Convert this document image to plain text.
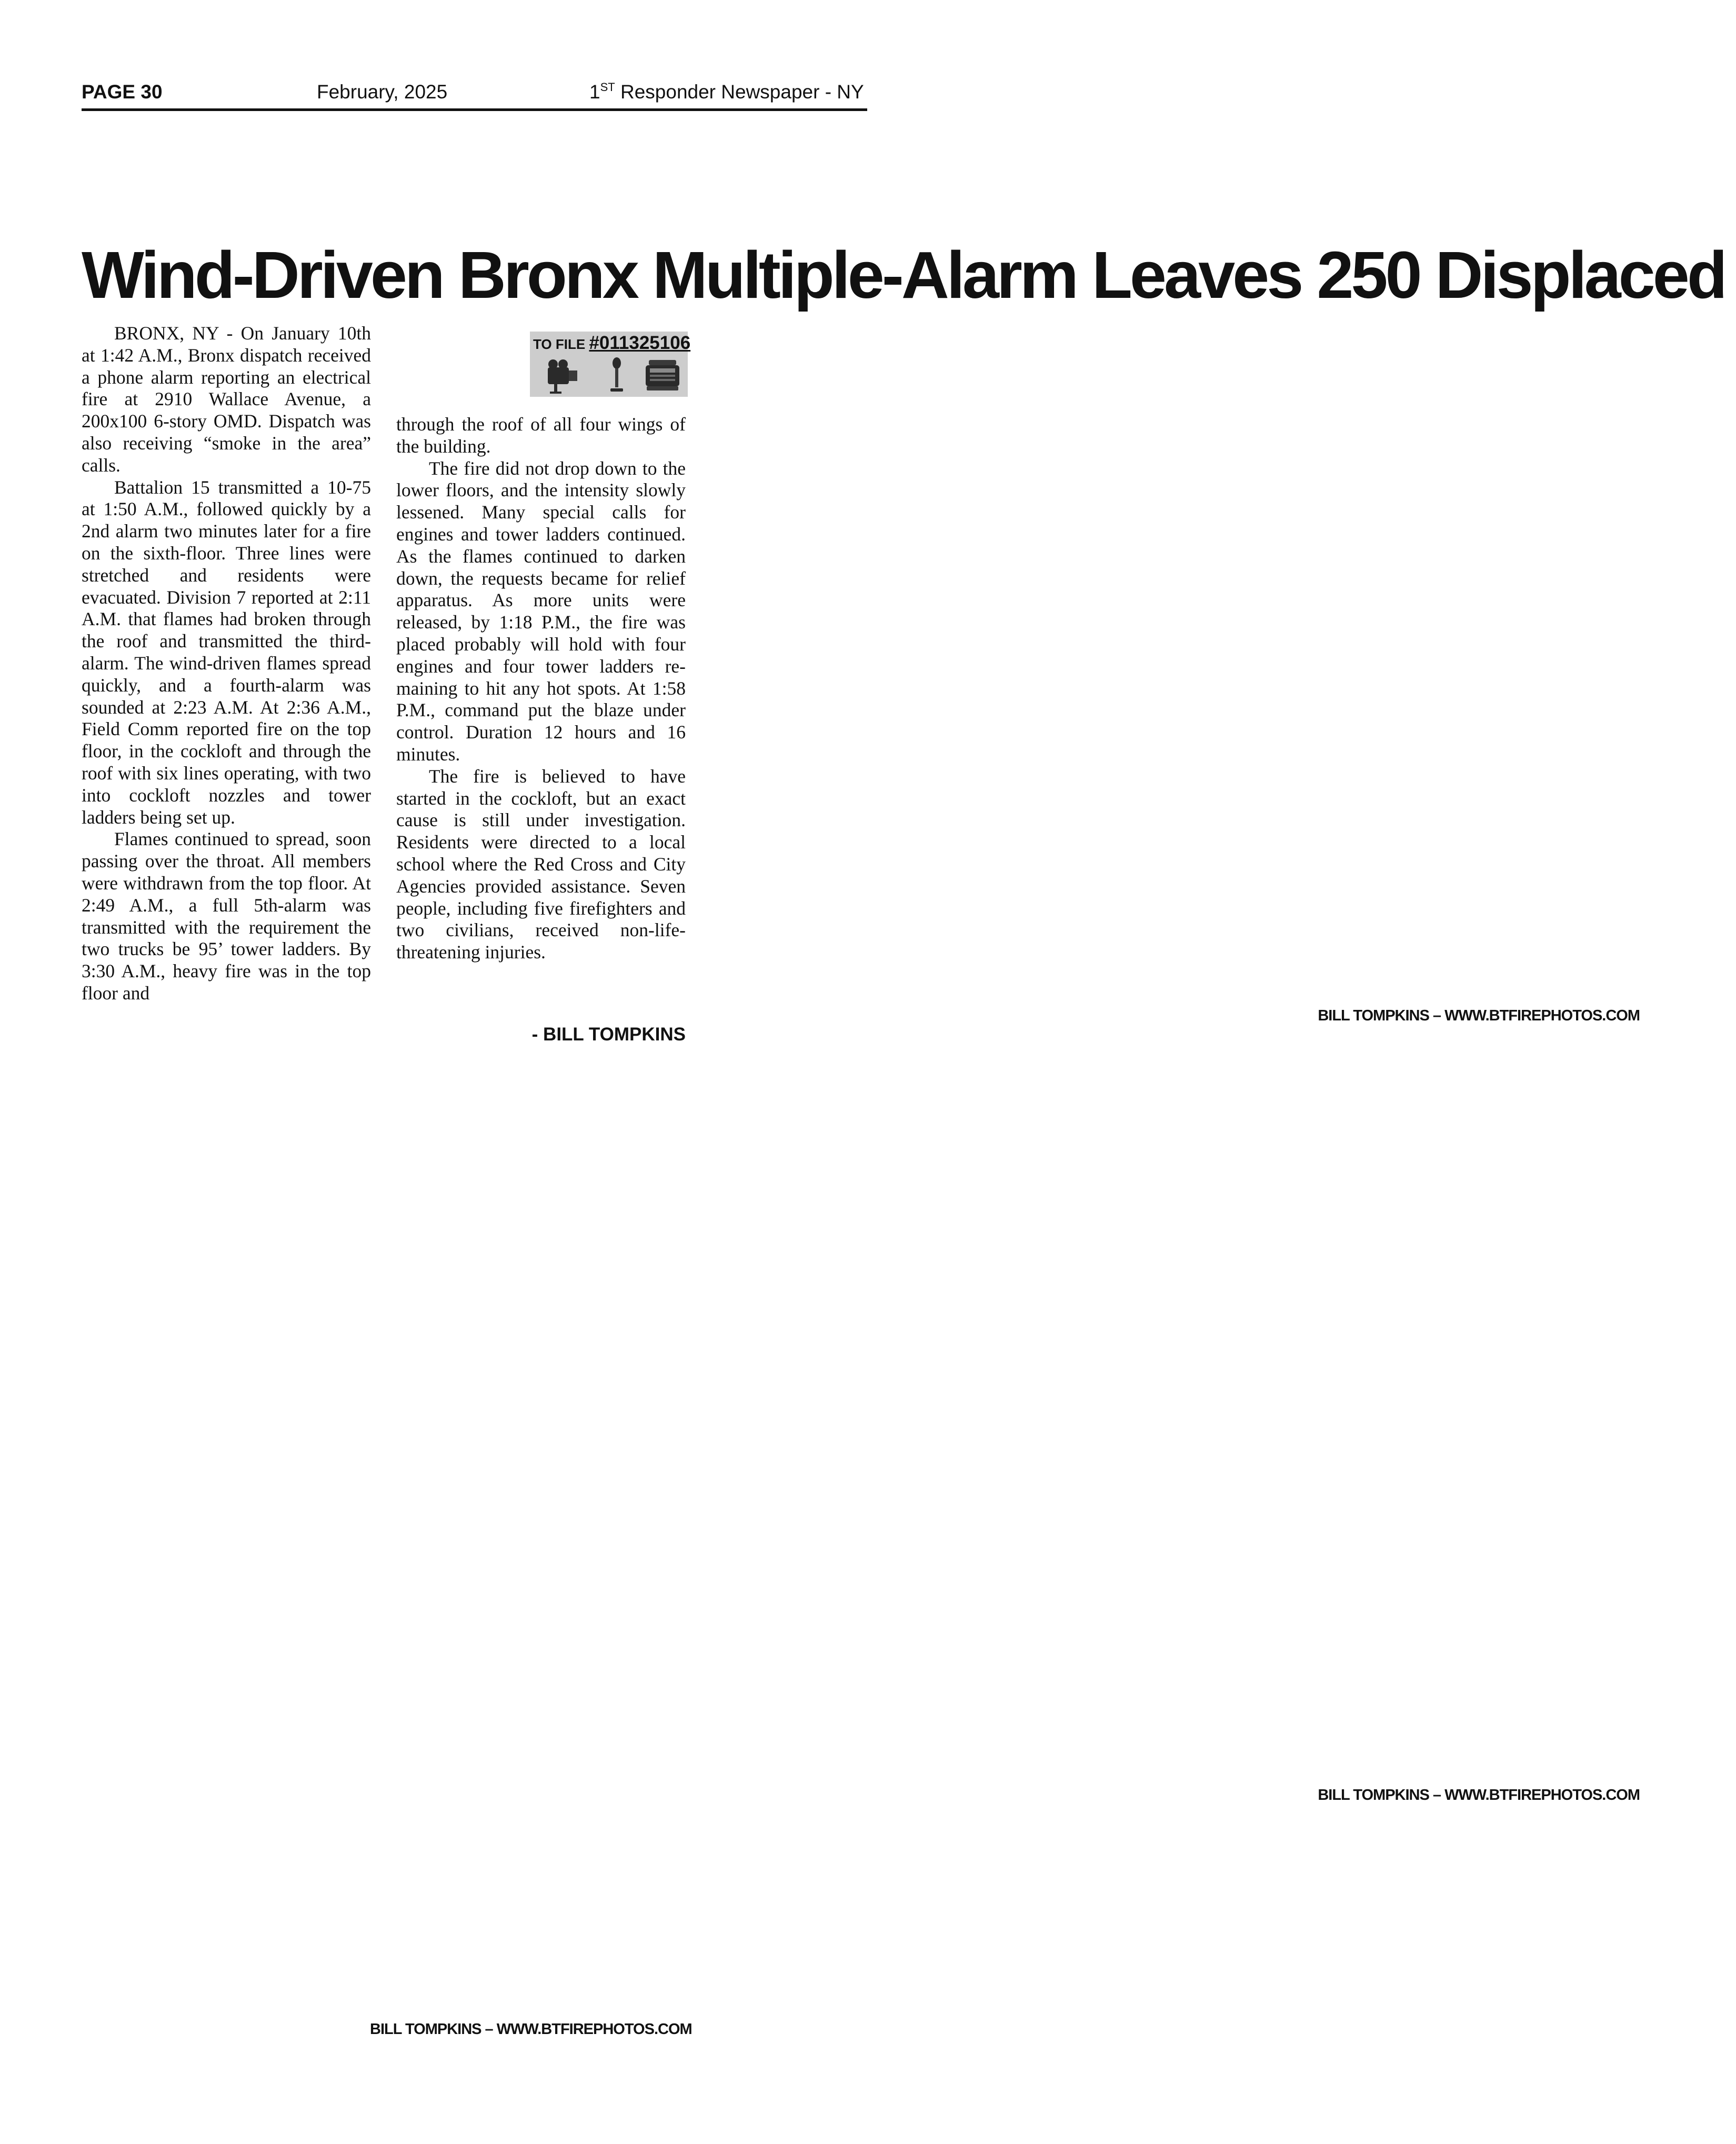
PAGE 30	February, 2025	1ST Responder Newspaper - NY
Wind-Driven Bronx Multiple-Alarm Leaves 250 Displaced

BRONX, NY - On January 10th at 1:42 A.M., Bronx dispatch received a phone alarm reporting an electrical fire at 2910 Wallace Avenue, a 200x100 6-story OMD. Dispatch was also receiving “smoke in the area” calls.

Battalion 15 transmitted a 10-75 at 1:50 A.M., followed quickly by a 2nd alarm two minutes later for a fire on the sixth-floor. Three lines were stretched and residents were evacuated. Division 7 reported at 2:11 A.M. that flames had broken through the roof and transmitted the third-alarm. The wind-driven flames spread quickly, and a fourth-alarm was sounded at 2:23 A.M. At 2:36 A.M., Field Comm reported fire on the top floor, in the cockloft and through the roof with six lines operating, with two into cockloft nozzles and tower ladders being set up.

Flames continued to spread, soon passing over the throat. All members were withdrawn from the top floor. At 2:49 A.M., a full 5th-alarm was transmitted with the requirement the two trucks be 95’ tower ladders. By 3:30 A.M., heavy fire was in the top floor and

TO FILE #011325106

through the roof of all four wings of the building.

The fire did not drop down to the lower floors, and the intensity slowly lessened. Many special calls for engines and tower ladders continued. As the flames continued to darken down, the requests became for relief apparatus. As more units were released, by 1:18 P.M., the fire was placed probably will hold with four engines and four tower ladders remaining to hit any hot spots. At 1:58 P.M., command put the blaze under control. Duration 12 hours and 16 minutes.

The fire is believed to have started in the cockloft, but an exact cause is still under investigation. Residents were directed to a local school where the Red Cross and City Agencies provided assistance. Seven people, including five firefighters and two civilians, received non-life-threatening injuries.

- BILL TOMPKINS
BILL TOMPKINS – WWW.BTFIREPHOTOS.COM
BILL TOMPKINS – WWW.BTFIREPHOTOS.COM
BILL TOMPKINS – WWW.BTFIREPHOTOS.COM
